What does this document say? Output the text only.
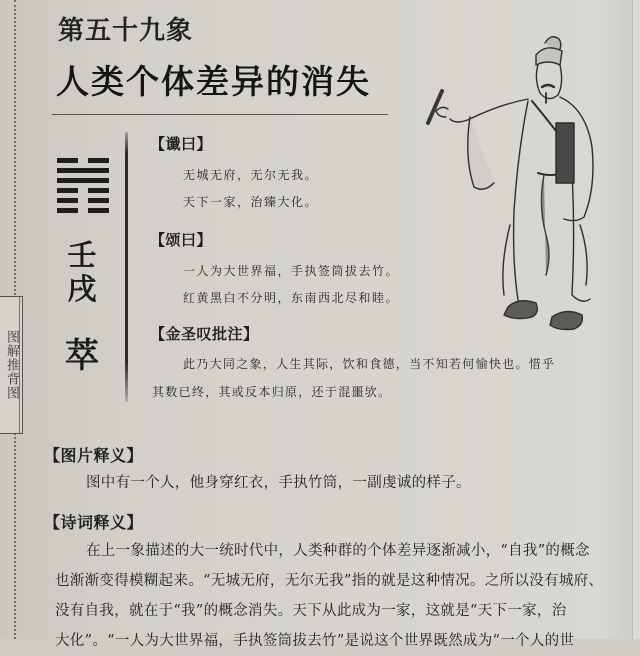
图解推背图
第五十九象
人类个体差异的消失
壬
戌
萃
【谶曰】
无城无府，无尔无我。
天下一家，治臻大化。
【颂曰】
一人为大世界福，手执签筒拔去竹。
红黄黑白不分明，东南西北尽和睦。
【金圣叹批注】
此乃大同之象，人生其际，饮和食德，当不知若何愉快也。惜乎
其数已终，其或反本归原，还于混噩欤。
【图片释义】
图中有一个人，他身穿红衣，手执竹筒，一副虔诚的样子。
【诗词释义】
在上一象描述的大一统时代中，人类种群的个体差异逐渐减小，“自我”的概念
也渐渐变得模糊起来。“无城无府，无尔无我”指的就是这种情况。之所以没有城府、
没有自我，就在于“我”的概念消失。天下从此成为一家，这就是“天下一家，治
大化”。“一人为大世界福，手执签筒拔去竹”是说这个世界既然成为“一个人的世
